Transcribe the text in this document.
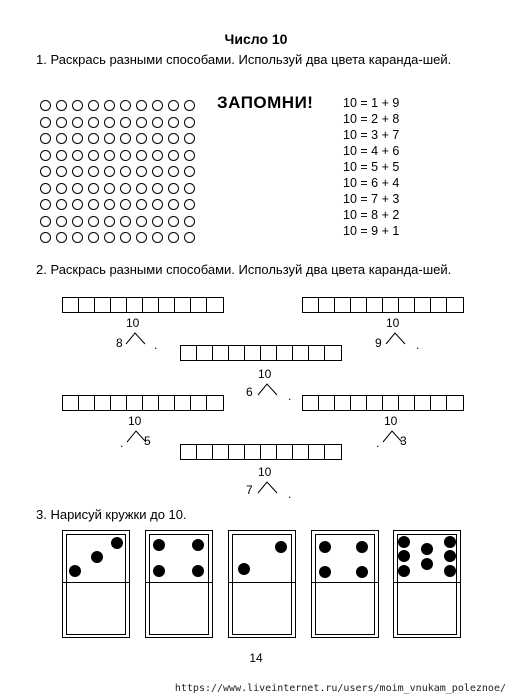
Число 10
1. Раскрась разными способами. Используй два цвета каранда-шей.
ЗАПОМНИ! 10 = 1 + 9
10 = 2 + 8
10 = 3 + 7
10 = 4 + 6
10 = 5 + 5
10 = 6 + 4
10 = 7 + 3
10 = 8 + 2
10 = 9 + 1
2. Раскрась разными способами. Используй два цвета каранда-шей.
10
8	.
10
9	.
10
6	.
10
. 5
10
. 3
10
7	.
3. Нарисуй кружки до 10.
14
https://www.liveinternet.ru/users/moim_vnukam_poleznoe/
